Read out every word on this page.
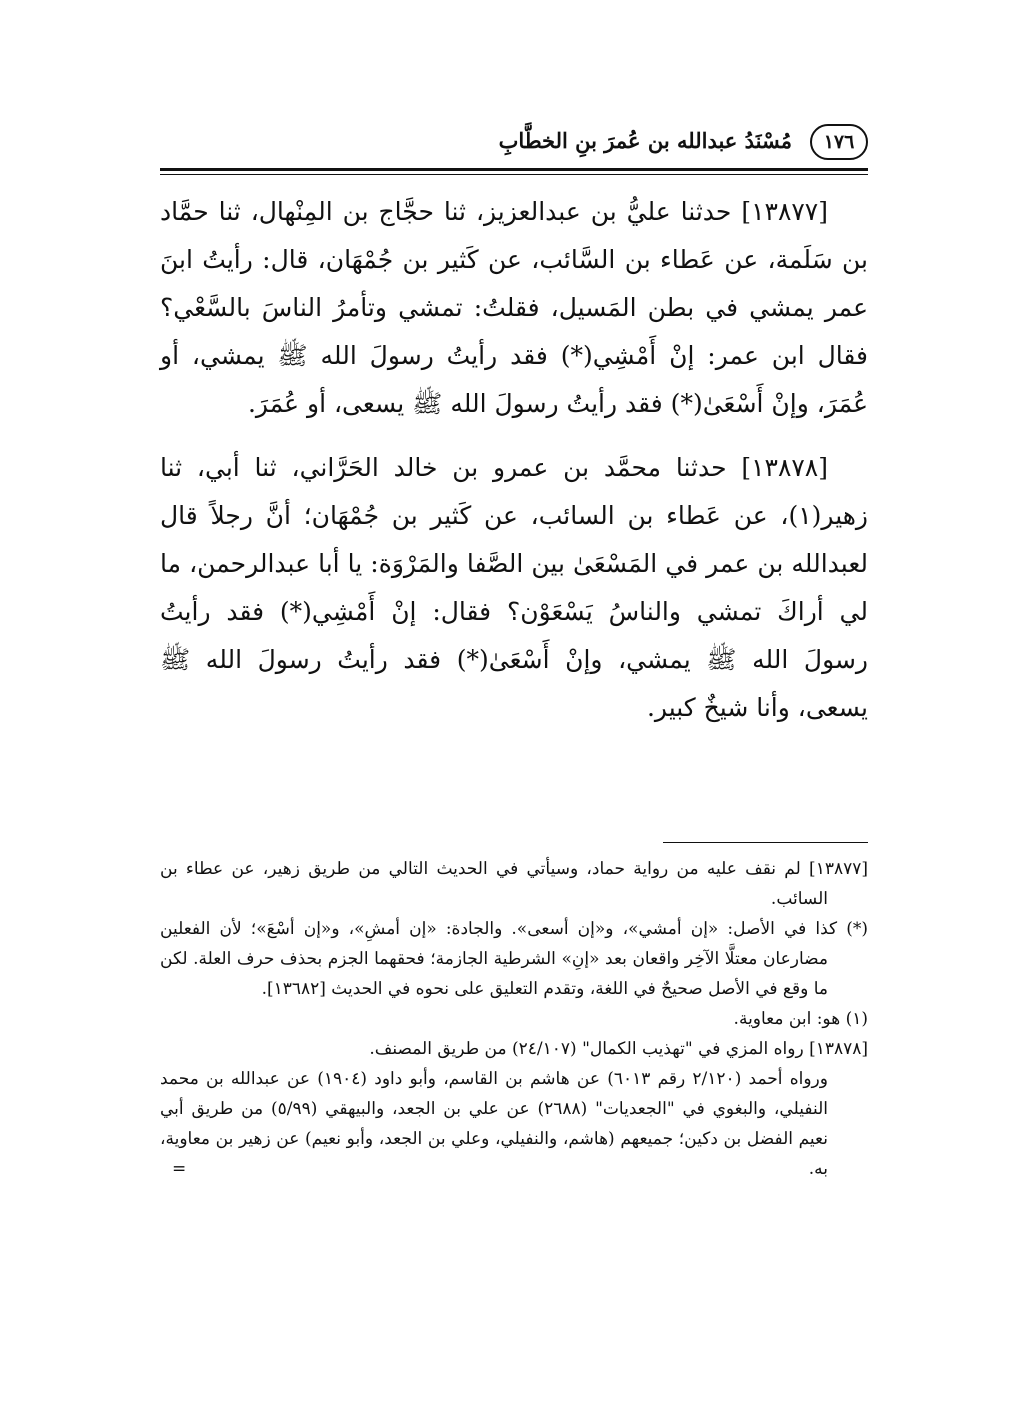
١٧٦
مُسْنَدُ عبدالله بن عُمرَ بنِ الخطَّابِ

[١٣٨٧٧] حدثنا عليُّ بن عبدالعزيز، ثنا حجَّاج بن المِنْهال، ثنا حمَّاد بن سَلَمة، عن عَطاء بن السَّائب، عن كَثير بن جُمْهَان، قال: رأيتُ ابنَ عمر يمشي في بطن المَسيل، فقلتُ: تمشي وتأمرُ الناسَ بالسَّعْي؟ فقال ابن عمر: إنْ أَمْشِي(*) فقد رأيتُ رسولَ الله ﷺ يمشي، أو عُمَرَ، وإنْ أَسْعَىٰ(*) فقد رأيتُ رسولَ الله ﷺ يسعى، أو عُمَرَ.

[١٣٨٧٨] حدثنا محمَّد بن عمرو بن خالد الحَرَّاني، ثنا أبي، ثنا زهير(١)، عن عَطاء بن السائب، عن كَثير بن جُمْهَان؛ أنَّ رجلاً قال لعبدالله بن عمر في المَسْعَىٰ بين الصَّفا والمَرْوَة: يا أبا عبدالرحمن، ما لي أراكَ تمشي والناسُ يَسْعَوْن؟ فقال: إنْ أَمْشِي(*) فقد رأيتُ رسولَ الله ﷺ يمشي، وإنْ أَسْعَىٰ(*) فقد رأيتُ رسولَ الله ﷺ يسعى، وأنا شيخٌ كبير.

[١٣٨٧٧] لم نقف عليه من رواية حماد، وسيأتي في الحديث التالي من طريق زهير، عن عطاء بن السائب.

(*) كذا في الأصل: «إن أمشي»، و«إن أسعى». والجادة: «إن أمشِ»، و«إن أسْعَ»؛ لأن الفعلين مضارعان معتلَّا الآخِر واقعان بعد «إنِ» الشرطية الجازمة؛ فحقهما الجزم بحذف حرف العلة. لكن ما وقع في الأصل صحيحٌ في اللغة، وتقدم التعليق على نحوه في الحديث [١٣٦٨٢].

(١) هو: ابن معاوية.

[١٣٨٧٨] رواه المزي في "تهذيب الكمال" (٢٤/١٠٧) من طريق المصنف.

ورواه أحمد (٢/١٢٠ رقم ٦٠١٣) عن هاشم بن القاسم، وأبو داود (١٩٠٤) عن عبدالله بن محمد النفيلي، والبغوي في "الجعديات" (٢٦٨٨) عن علي بن الجعد، والبيهقي (٥/٩٩) من طريق أبي نعيم الفضل بن دكين؛ جميعهم (هاشم، والنفيلي، وعلي بن الجعد، وأبو نعيم) عن زهير بن معاوية، به.

=
